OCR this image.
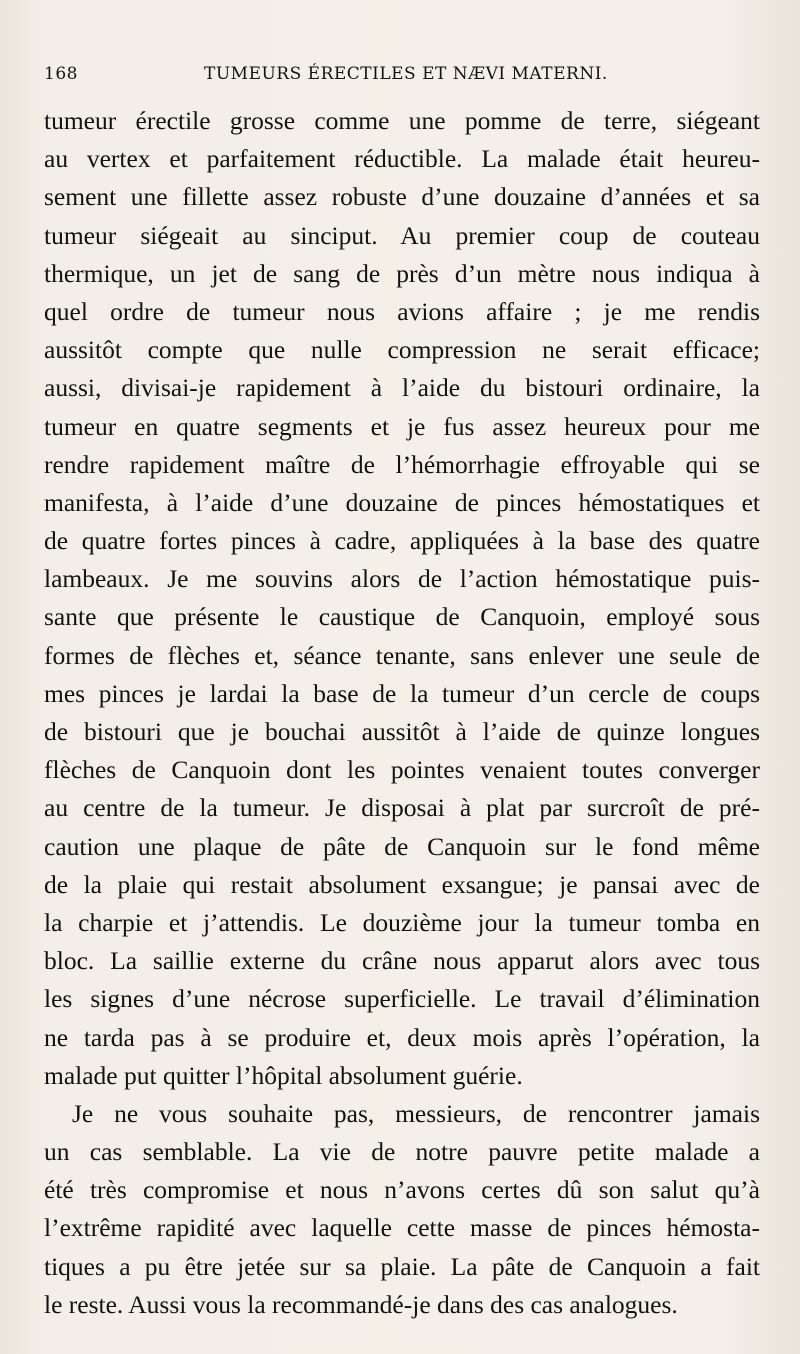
168	TUMEURS ÉRECTILES ET NÆVI MATERNI.
tumeur érectile grosse comme une pomme de terre, siégeant
au vertex et parfaitement réductible. La malade était heureu-
sement une fillette assez robuste d’une douzaine d’années et sa
tumeur siégeait au sinciput. Au premier coup de couteau
thermique, un jet de sang de près d’un mètre nous indiqua à
quel ordre de tumeur nous avions affaire ; je me rendis
aussitôt compte que nulle compression ne serait efficace;
aussi, divisai-je rapidement à l’aide du bistouri ordinaire, la
tumeur en quatre segments et je fus assez heureux pour me
rendre rapidement maître de l’hémorrhagie effroyable qui se
manifesta, à l’aide d’une douzaine de pinces hémostatiques et
de quatre fortes pinces à cadre, appliquées à la base des quatre
lambeaux. Je me souvins alors de l’action hémostatique puis-
sante que présente le caustique de Canquoin, employé sous
formes de flèches et, séance tenante, sans enlever une seule de
mes pinces je lardai la base de la tumeur d’un cercle de coups
de bistouri que je bouchai aussitôt à l’aide de quinze longues
flèches de Canquoin dont les pointes venaient toutes converger
au centre de la tumeur. Je disposai à plat par surcroît de pré-
caution une plaque de pâte de Canquoin sur le fond même
de la plaie qui restait absolument exsangue; je pansai avec de
la charpie et j’attendis. Le douzième jour la tumeur tomba en
bloc. La saillie externe du crâne nous apparut alors avec tous
les signes d’une nécrose superficielle. Le travail d’élimination
ne tarda pas à se produire et, deux mois après l’opération, la
malade put quitter l’hôpital absolument guérie.
Je ne vous souhaite pas, messieurs, de rencontrer jamais
un cas semblable. La vie de notre pauvre petite malade a
été très compromise et nous n’avons certes dû son salut qu’à
l’extrême rapidité avec laquelle cette masse de pinces hémosta-
tiques a pu être jetée sur sa plaie. La pâte de Canquoin a fait
le reste. Aussi vous la recommandé-je dans des cas analogues.
